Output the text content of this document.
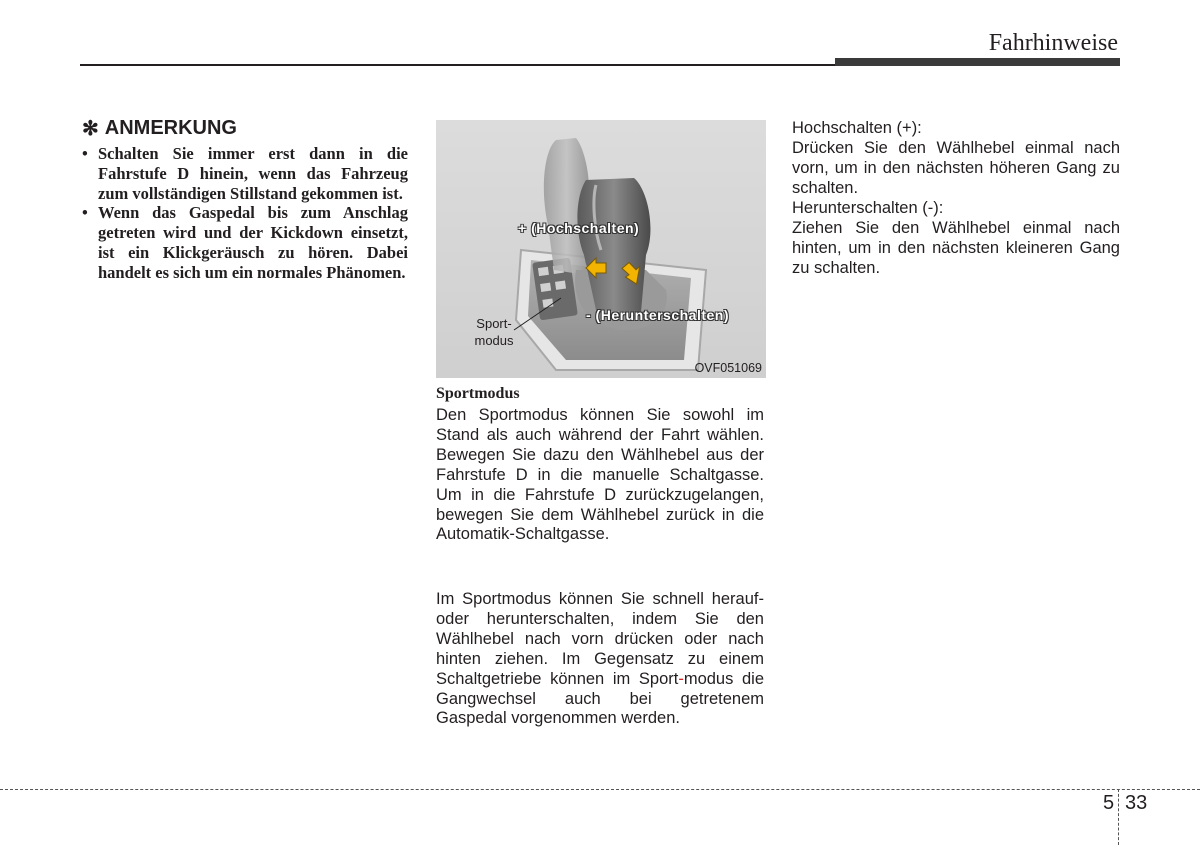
Fahrhinweise
✻ ANMERKUNG
• Schalten Sie immer erst dann in die Fahrstufe D hinein, wenn das Fahrzeug zum vollständigen Stillstand gekommen ist.
• Wenn das Gaspedal bis zum Anschlag getreten wird und der Kickdown einsetzt, ist ein Klickgeräusch zu hören. Dabei handelt es sich um ein normales Phänomen.
+ (Hochschalten)
- (Herunterschalten)
Sport-
modus
OVF051069
Sportmodus

Den Sportmodus können Sie sowohl im Stand als auch während der Fahrt wählen. Bewegen Sie dazu den Wählhebel aus der Fahrstufe D in die manuelle Schaltgasse. Um in die Fahrstufe D zurückzugelangen, bewegen Sie dem Wählhebel zurück in die Automatik-Schaltgasse.

Im Sportmodus können Sie schnell herauf- oder herunterschalten, indem Sie den Wählhebel nach vorn drücken oder nach hinten ziehen. Im Gegensatz zu einem Schaltgetriebe können im Sport-modus die Gangwechsel auch bei getretenem Gaspedal vorgenommen werden.

Hochschalten (+):

Drücken Sie den Wählhebel einmal nach vorn, um in den nächsten höheren Gang zu schalten.

Herunterschalten (-):

Ziehen Sie den Wählhebel einmal nach hinten, um in den nächsten kleineren Gang zu schalten.

5 33
